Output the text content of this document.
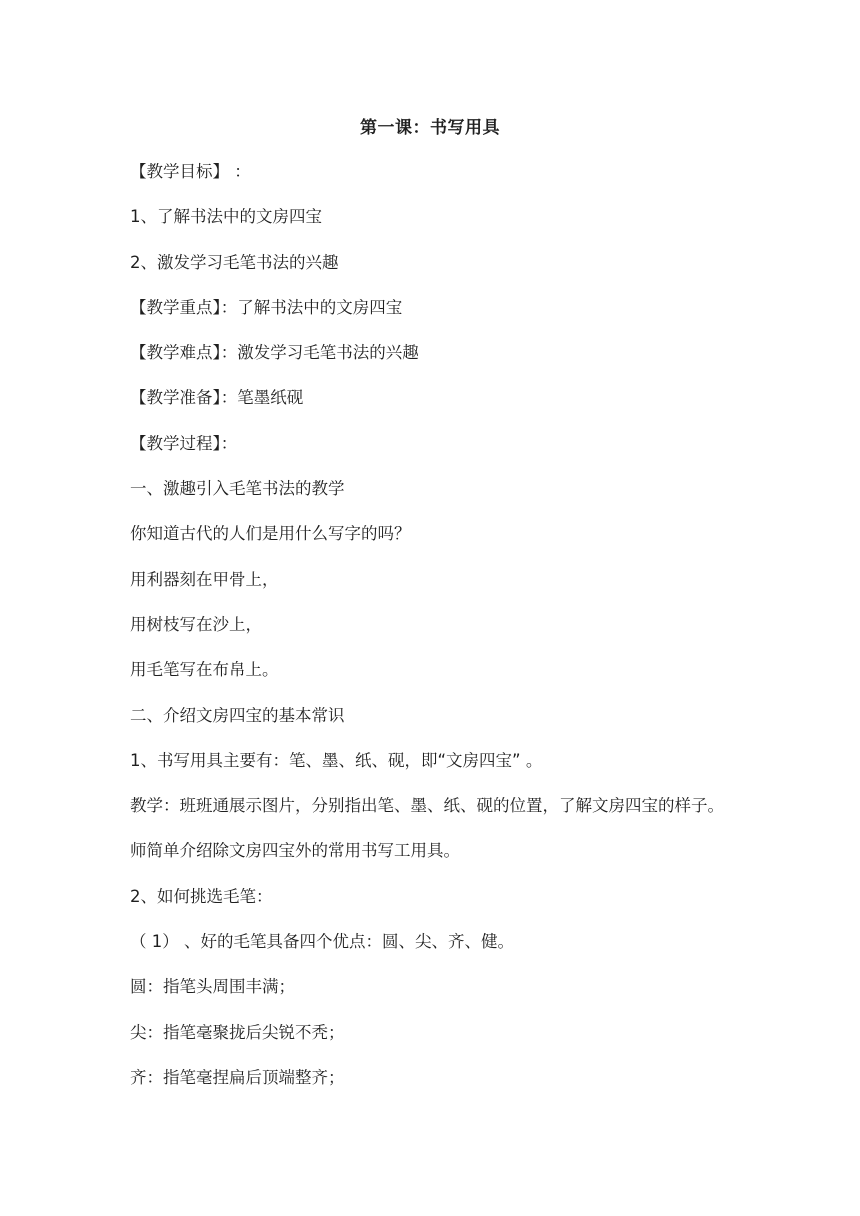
第一课：书写用具
【教学目标】 ：
1、了解书法中的文房四宝
2、激发学习毛笔书法的兴趣
【教学重点】：了解书法中的文房四宝
【教学难点】：激发学习毛笔书法的兴趣
【教学准备】：笔墨纸砚
【教学过程】：
一、激趣引入毛笔书法的教学
你知道古代的人们是用什么写字的吗？
用利器刻在甲骨上，
用树枝写在沙上，
用毛笔写在布帛上。
二、介绍文房四宝的基本常识
1、书写用具主要有：笔、墨、纸、砚，即“文房四宝” 。
教学：班班通展示图片，分别指出笔、墨、纸、砚的位置，了解文房四宝的样子。
师简单介绍除文房四宝外的常用书写工用具。
2、如何挑选毛笔：
（ 1） 、好的毛笔具备四个优点：圆、尖、齐、健。
圆：指笔头周围丰满；
尖：指笔毫聚拢后尖锐不秃；
齐：指笔毫捏扁后顶端整齐；
